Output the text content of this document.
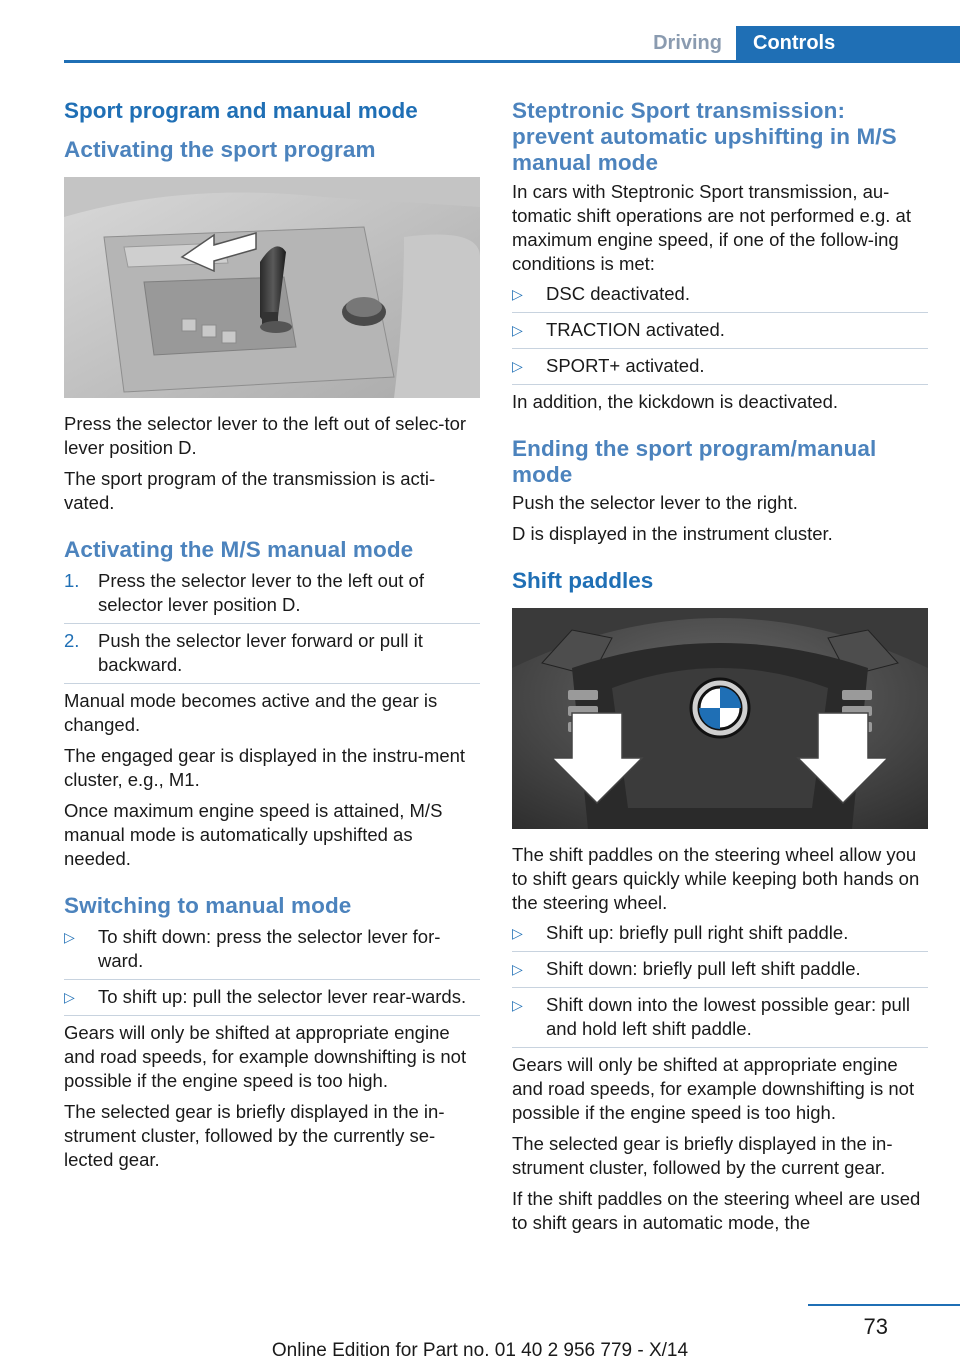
Driving	Controls
Sport program and manual mode
Activating the sport program

Press the selector lever to the left out of selec‐tor lever position D.

The sport program of the transmission is acti‐vated.

Activating the M/S manual mode
1. Press the selector lever to the left out of selector lever position D.
2. Push the selector lever forward or pull it backward.

Manual mode becomes active and the gear is changed.

The engaged gear is displayed in the instru‐ment cluster, e.g., M1.

Once maximum engine speed is attained, M/S manual mode is automatically upshifted as needed.

Switching to manual mode
▷ To shift down: press the selector lever for‐ward.
▷ To shift up: pull the selector lever rear‐wards.

Gears will only be shifted at appropriate engine and road speeds, for example downshifting is not possible if the engine speed is too high.

The selected gear is briefly displayed in the in‐strument cluster, followed by the currently se‐lected gear.

Steptronic Sport transmission: prevent automatic upshifting in M/S manual mode

In cars with Steptronic Sport transmission, au‐tomatic shift operations are not performed e.g. at maximum engine speed, if one of the follow‐ing conditions is met:

▷ DSC deactivated.
▷ TRACTION activated.
▷ SPORT+ activated.

In addition, the kickdown is deactivated.

Ending the sport program/manual mode

Push the selector lever to the right.

D is displayed in the instrument cluster.

Shift paddles

The shift paddles on the steering wheel allow you to shift gears quickly while keeping both hands on the steering wheel.

▷ Shift up: briefly pull right shift paddle.
▷ Shift down: briefly pull left shift paddle.
▷ Shift down into the lowest possible gear: pull and hold left shift paddle.

Gears will only be shifted at appropriate engine and road speeds, for example downshifting is not possible if the engine speed is too high.

The selected gear is briefly displayed in the in‐strument cluster, followed by the current gear.

If the shift paddles on the steering wheel are used to shift gears in automatic mode, the

73
Online Edition for Part no. 01 40 2 956 779 - X/14
